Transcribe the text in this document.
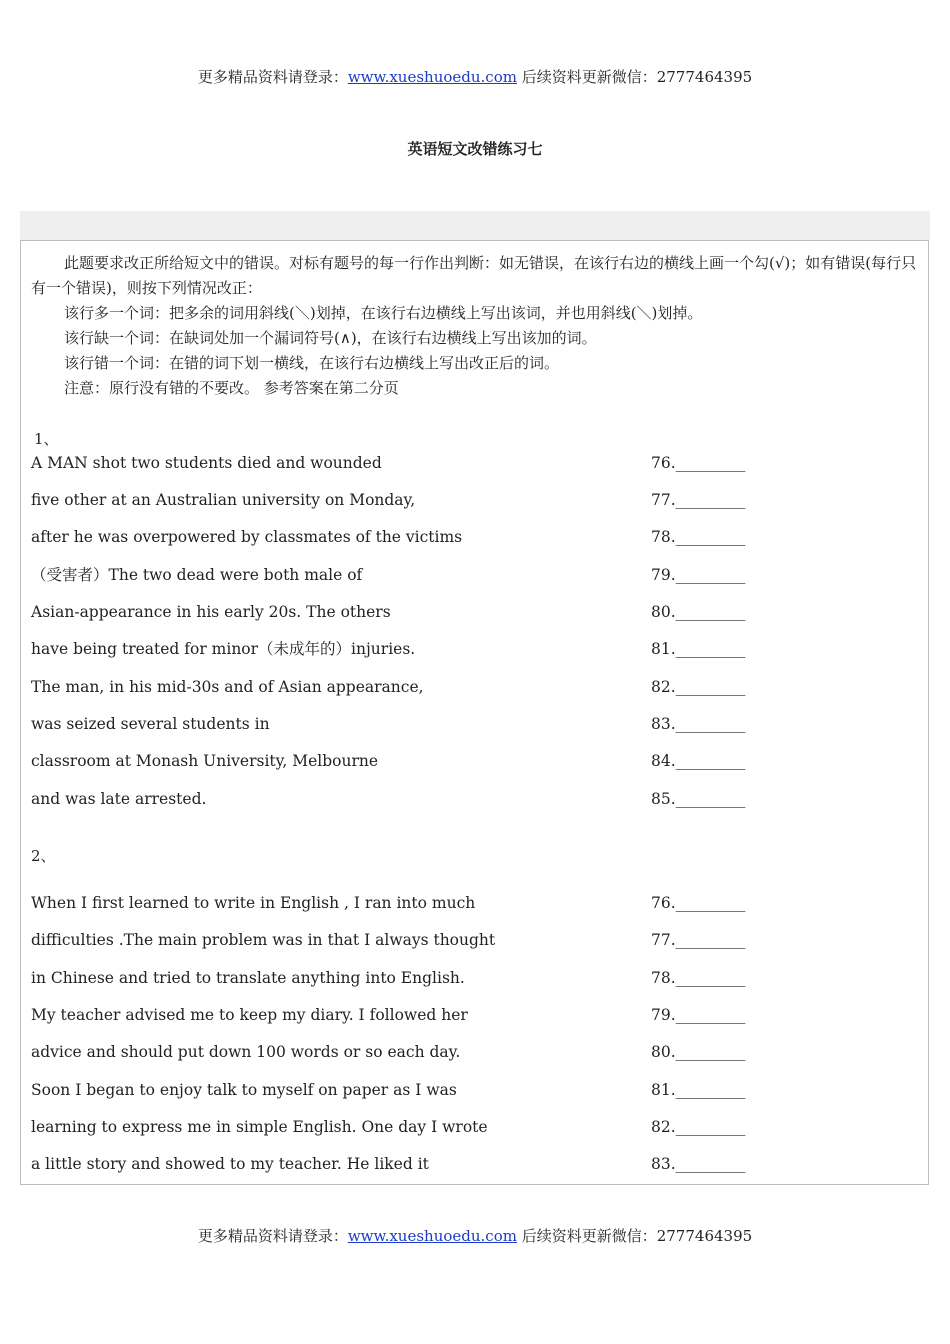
更多精品资料请登录：www.xueshuoedu.com 后续资料更新微信：2777464395
英语短文改错练习七

此题要求改正所给短文中的错误。对标有题号的每一行作出判断：如无错误，在该行右边的横线上画一个勾(√)；如有错误(每行只有一个错误)，则按下列情况改正：

该行多一个词：把多余的词用斜线(＼)划掉，在该行右边横线上写出该词，并也用斜线(＼)划掉。

该行缺一个词：在缺词处加一个漏词符号(∧)，在该行右边横线上写出该加的词。

该行错一个词：在错的词下划一横线，在该行右边横线上写出改正后的词。

注意：原行没有错的不要改。 参考答案在第二分页

1、
A MAN shot two students died and wounded	76._________
five other at an Australian university on Monday,	77._________
after he was overpowered by classmates of the victims	78._________
（受害者）The two dead were both male of	79._________
Asian-appearance in his early 20s. The others	80._________
have being treated for minor（未成年的）injuries.	81._________
The man, in his mid-30s and of Asian appearance,	82._________
was seized several students in	83._________
classroom at Monash University, Melbourne	84._________
and was late arrested.	85._________
2、
When I first learned to write in English , I ran into much	76._________
difficulties .The main problem was in that I always thought	77._________
in Chinese and tried to translate anything into English.	78._________
My teacher advised me to keep my diary. I followed her	79._________
advice and should put down 100 words or so each day.	80._________
Soon I began to enjoy talk to myself on paper as I was	81._________
learning to express me in simple English. One day I wrote	82._________
a little story and showed to my teacher. He liked it	83._________
更多精品资料请登录：www.xueshuoedu.com 后续资料更新微信：2777464395
